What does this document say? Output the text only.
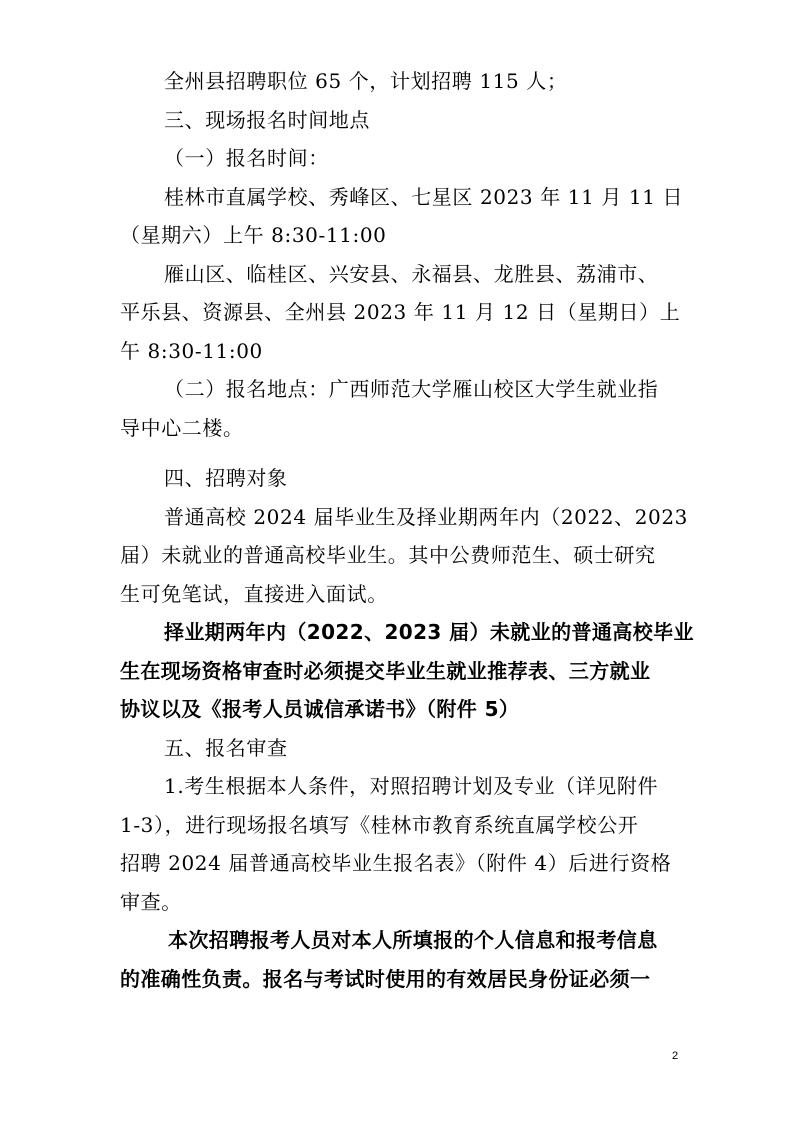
全州县招聘职位 65 个，计划招聘 115 人；
三、现场报名时间地点
（一）报名时间：
桂林市直属学校、秀峰区、七星区 2023 年 11 月 11 日
（星期六）上午 8:30-11:00
雁山区、临桂区、兴安县、永福县、龙胜县、荔浦市、
平乐县、资源县、全州县 2023 年 11 月 12 日（星期日）上
午 8:30-11:00
（二）报名地点：广西师范大学雁山校区大学生就业指
导中心二楼。
四、招聘对象
普通高校 2024 届毕业生及择业期两年内（2022、2023
届）未就业的普通高校毕业生。其中公费师范生、硕士研究
生可免笔试，直接进入面试。
择业期两年内（2022、2023 届）未就业的普通高校毕业
生在现场资格审查时必须提交毕业生就业推荐表、三方就业
协议以及《报考人员诚信承诺书》（附件 5）
五、报名审查
1.考生根据本人条件，对照招聘计划及专业（详见附件
1-3），进行现场报名填写《桂林市教育系统直属学校公开
招聘 2024 届普通高校毕业生报名表》（附件 4）后进行资格
审查。
本次招聘报考人员对本人所填报的个人信息和报考信息
的准确性负责。报名与考试时使用的有效居民身份证必须一
2
